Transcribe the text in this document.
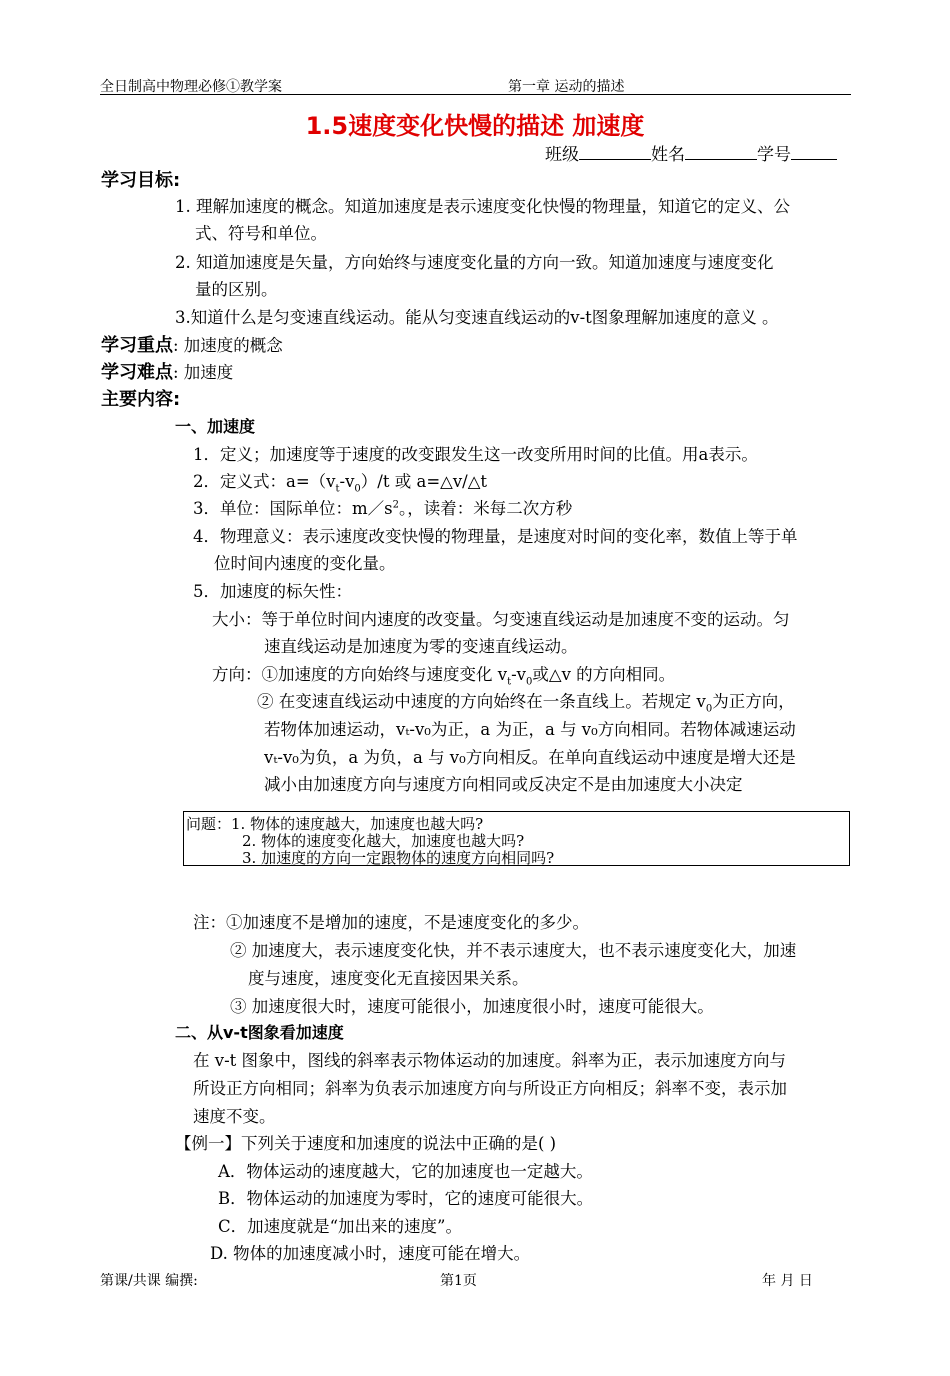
全日制高中物理必修①教学案	第一章 运动的描述
1.5速度变化快慢的描述 加速度
班级	姓名	学号
学习目标:
1. 理解加速度的概念。知道加速度是表示速度变化快慢的物理量，知道它的定义、公
式、符号和单位。
2. 知道加速度是矢量，方向始终与速度变化量的方向一致。知道加速度与速度变化
量的区别。
3.知道什么是匀变速直线运动。能从匀变速直线运动的v-t图象理解加速度的意义 。
学习重点: 加速度的概念
学习难点: 加速度
主要内容:
一、加速度
1．定义；加速度等于速度的改变跟发生这一改变所用时间的比值。用a表示。
2．定义式：$a=(v_t-v_0)/t$ 或 a=△v/△t
3．单位：国际单位：$m/s^2$。，读着：米每二次方秒
4．物理意义：表示速度改变快慢的物理量，是速度对时间的变化率，数值上等于单
位时间内速度的变化量。
5．加速度的标矢性：
大小：等于单位时间内速度的改变量。匀变速直线运动是加速度不变的运动。匀
速直线运动是加速度为零的变速直线运动。
方向：①加速度的方向始终与速度变化 $v_t-v_0$或△v 的方向相同。
② 在变速直线运动中速度的方向始终在一条直线上。若规定 $v_0$为正方向，
若物体加速运动，vₜ-v₀为正，a 为正，a 与 v₀方向相同。若物体减速运动
vₜ-v₀为负，a 为负，a 与 v₀方向相反。在单向直线运动中速度是增大还是
减小由加速度方向与速度方向相同或反决定不是由加速度大小决定
问题：1. 物体的速度越大，加速度也越大吗?
2. 物体的速度变化越大，加速度也越大吗?
3. 加速度的方向一定跟物体的速度方向相同吗?
注：①加速度不是增加的速度，不是速度变化的多少。
② 加速度大，表示速度变化快，并不表示速度大，也不表示速度变化大，加速
度与速度，速度变化无直接因果关系。
③ 加速度很大时，速度可能很小，加速度很小时，速度可能很大。
二、从v-t图象看加速度
在 v-t 图象中，图线的斜率表示物体运动的加速度。斜率为正，表示加速度方向与
所设正方向相同；斜率为负表示加速度方向与所设正方向相反；斜率不变，表示加
速度不变。
【例一】下列关于速度和加速度的说法中正确的是( )
A．物体运动的速度越大，它的加速度也一定越大。
B．物体运动的加速度为零时，它的速度可能很大。
C．加速度就是“加出来的速度”。
D. 物体的加速度减小时，速度可能在增大。
第课/共课 编撰:	第1页	年 月 日
